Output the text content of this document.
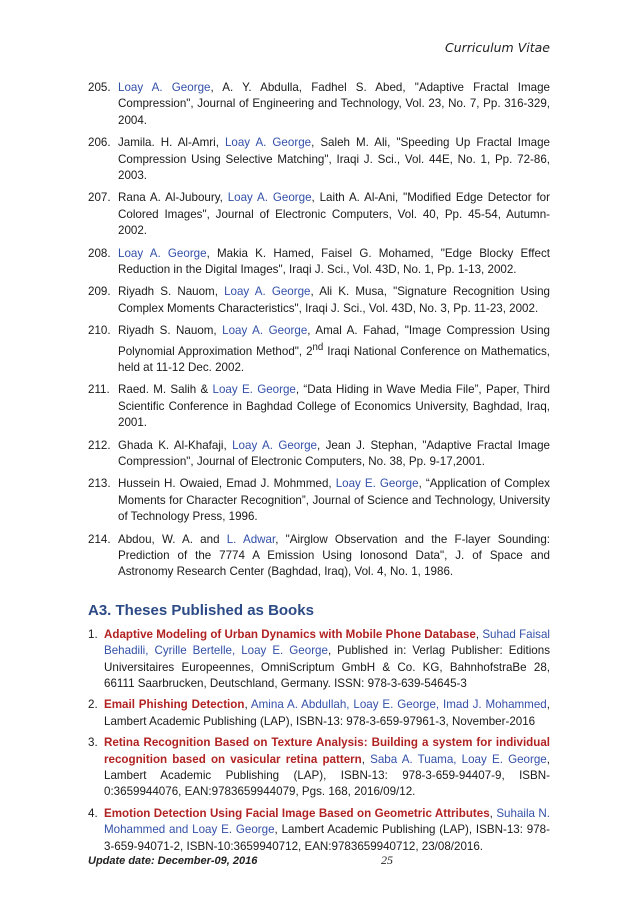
Curriculum Vitae
205. Loay A. George, A. Y. Abdulla, Fadhel S. Abed, "Adaptive Fractal Image Compression", Journal of Engineering and Technology, Vol. 23, No. 7, Pp. 316-329, 2004.
206. Jamila. H. Al-Amri, Loay A. George, Saleh M. Ali, "Speeding Up Fractal Image Compression Using Selective Matching", Iraqi J. Sci., Vol. 44E, No. 1, Pp. 72-86, 2003.
207. Rana A. Al-Juboury, Loay A. George, Laith A. Al-Ani, "Modified Edge Detector for Colored Images", Journal of Electronic Computers, Vol. 40, Pp. 45-54, Autumn-2002.
208. Loay A. George, Makia K. Hamed, Faisel G. Mohamed, "Edge Blocky Effect Reduction in the Digital Images", Iraqi J. Sci., Vol. 43D, No. 1, Pp. 1-13, 2002.
209. Riyadh S. Nauom, Loay A. George, Ali K. Musa, "Signature Recognition Using Complex Moments Characteristics", Iraqi J. Sci., Vol. 43D, No. 3, Pp. 11-23, 2002.
210. Riyadh S. Nauom, Loay A. George, Amal A. Fahad, "Image Compression Using Polynomial Approximation Method", 2nd Iraqi National Conference on Mathematics, held at 11-12 Dec. 2002.
211. Raed. M. Salih & Loay E. George, “Data Hiding in Wave Media File”, Paper, Third Scientific Conference in Baghdad College of Economics University, Baghdad, Iraq, 2001.
212. Ghada K. Al-Khafaji, Loay A. George, Jean J. Stephan, "Adaptive Fractal Image Compression", Journal of Electronic Computers, No. 38, Pp. 9-17,2001.
213. Hussein H. Owaied, Emad J. Mohmmed, Loay E. George, “Application of Complex Moments for Character Recognition”, Journal of Science and Technology, University of Technology Press, 1996.
214. Abdou, W. A. and L. Adwar, "Airglow Observation and the F-layer Sounding: Prediction of the 7774 A Emission Using Ionosond Data", J. of Space and Astronomy Research Center (Baghdad, Iraq), Vol. 4, No. 1, 1986.
A3. Theses Published as Books
1. Adaptive Modeling of Urban Dynamics with Mobile Phone Database, Suhad Faisal Behadili, Cyrille Bertelle, Loay E. George, Published in: Verlag Publisher: Editions Universitaires Europeennes, OmniScriptum GmbH & Co. KG, BahnhofstraBe 28, 66111 Saarbrucken, Deutschland, Germany. ISSN: 978-3-639-54645-3
2. Email Phishing Detection, Amina A. Abdullah, Loay E. George, Imad J. Mohammed, Lambert Academic Publishing (LAP), ISBN-13: 978-3-659-97961-3, November-2016
3. Retina Recognition Based on Texture Analysis: Building a system for individual recognition based on vasicular retina pattern, Saba A. Tuama, Loay E. George, Lambert Academic Publishing (LAP), ISBN-13: 978-3-659-94407-9, ISBN-0:3659944076, EAN:9783659944079, Pgs. 168, 2016/09/12.
4. Emotion Detection Using Facial Image Based on Geometric Attributes, Suhaila N. Mohammed and Loay E. George, Lambert Academic Publishing (LAP), ISBN-13: 978-3-659-94071-2, ISBN-10:3659940712, EAN:9783659940712, 23/08/2016.
Update date: December-09, 2016	25
